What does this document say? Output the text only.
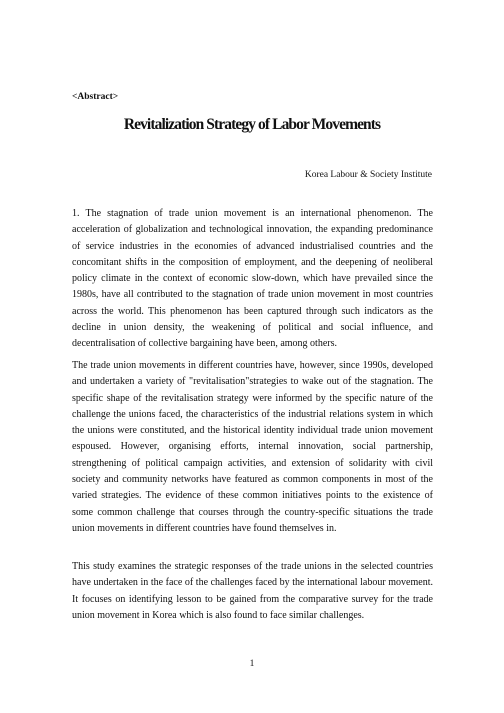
<Abstract>
Revitalization Strategy of Labor Movements
Korea Labour & Society Institute

1. The stagnation of trade union movement is an international phenomenon. The acceleration of globalization and technological innovation, the expanding predominance of service industries in the economies of advanced industrialised countries and the concomitant shifts in the composition of employment, and the deepening of neoliberal policy climate in the context of economic slow-down, which have prevailed since the 1980s, have all contributed to the stagnation of trade union movement in most countries across the world. This phenomenon has been captured through such indicators as the decline in union density, the weakening of political and social influence, and decentralisation of collective bargaining have been, among others.

The trade union movements in different countries have, however, since 1990s, developed and undertaken a variety of "revitalisation"strategies to wake out of the stagnation. The specific shape of the revitalisation strategy were informed by the specific nature of the challenge the unions faced, the characteristics of the industrial relations system in which the unions were constituted, and the historical identity individual trade union movement espoused. However, organising efforts, internal innovation, social partnership, strengthening of political campaign activities, and extension of solidarity with civil society and community networks have featured as common components in most of the varied strategies. The evidence of these common initiatives points to the existence of some common challenge that courses through the country-specific situations the trade union movements in different countries have found themselves in.

This study examines the strategic responses of the trade unions in the selected countries have undertaken in the face of the challenges faced by the international labour movement. It focuses on identifying lesson to be gained from the comparative survey for the trade union movement in Korea which is also found to face similar challenges.

1
